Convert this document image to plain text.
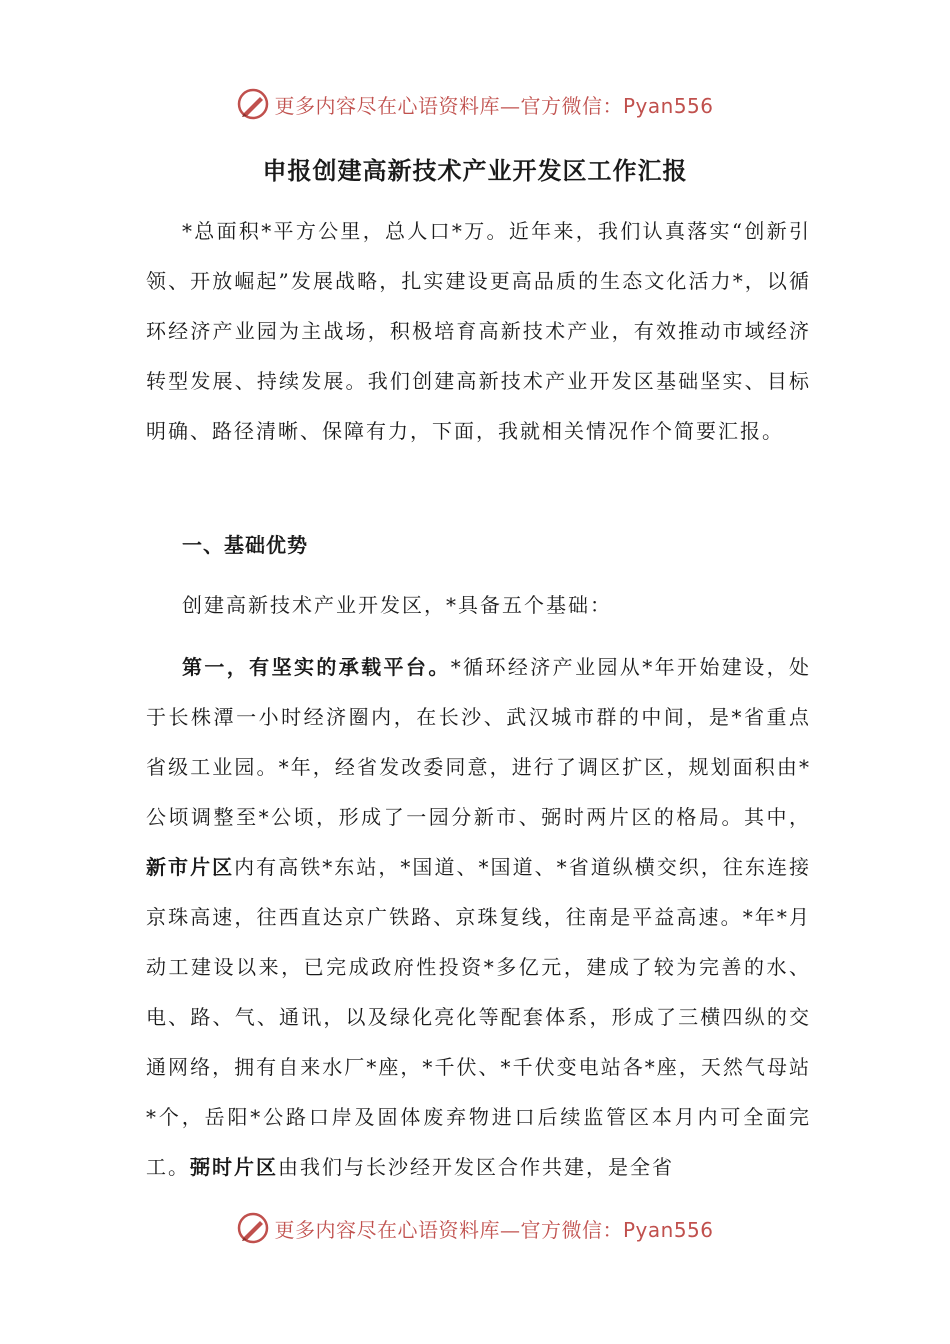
更多内容尽在心语资料库—官方微信：Pyan556
申报创建高新技术产业开发区工作汇报

*总面积*平方公里，总人口*万。近年来，我们认真落实“创新引领、开放崛起”发展战略，扎实建设更高品质的生态文化活力*，以循环经济产业园为主战场，积极培育高新技术产业，有效推动市域经济转型发展、持续发展。我们创建高新技术产业开发区基础坚实、目标明确、路径清晰、保障有力，下面，我就相关情况作个简要汇报。

一、基础优势

创建高新技术产业开发区，*具备五个基础：

第一，有坚实的承载平台。*循环经济产业园从*年开始建设，处于长株潭一小时经济圈内，在长沙、武汉城市群的中间，是*省重点省级工业园。*年，经省发改委同意，进行了调区扩区，规划面积由*公顷调整至*公顷，形成了一园分新市、弼时两片区的格局。其中，新市片区内有高铁*东站，*国道、*国道、*省道纵横交织，往东连接京珠高速，往西直达京广铁路、京珠复线，往南是平益高速。*年*月动工建设以来，已完成政府性投资*多亿元，建成了较为完善的水、电、路、气、通讯，以及绿化亮化等配套体系，形成了三横四纵的交通网络，拥有自来水厂*座，*千伏、*千伏变电站各*座，天然气母站*个，岳阳*公路口岸及固体废弃物进口后续监管区本月内可全面完工。弼时片区由我们与长沙经开发区合作共建，是全省

更多内容尽在心语资料库—官方微信：Pyan556
